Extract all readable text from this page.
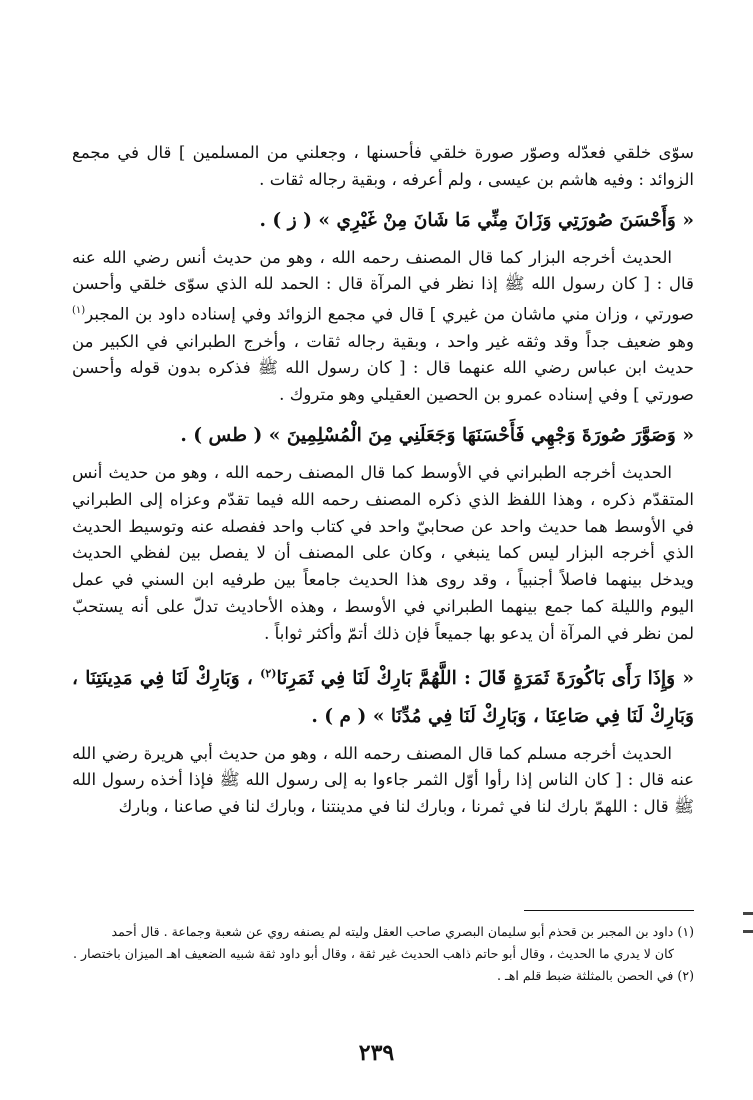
سوّى خلقي فعدّله وصوّر صورة خلقي فأحسنها ، وجعلني من المسلمين ] قال في مجمع الزوائد : وفيه هاشم بن عيسى ، ولم أعرفه ، وبقية رجاله ثقات .

« وَأَحْسَنَ صُورَتِي وَزَانَ مِنِّي مَا شَانَ مِنْ غَيْرِي » ( ز ) .

الحديث أخرجه البزار كما قال المصنف رحمه الله ، وهو من حديث أنس رضي الله عنه قال : [ كان رسول الله ﷺ إذا نظر في المرآة قال : الحمد لله الذي سوّى خلقي وأحسن صورتي ، وزان مني ماشان من غيري ] قال في مجمع الزوائد وفي إسناده داود بن المجبر$^{(١)}$ وهو ضعيف جداً وقد وثقه غير واحد ، وبقية رجاله ثقات ، وأخرج الطبراني في الكبير من حديث ابن عباس رضي الله عنهما قال : [ كان رسول الله ﷺ فذكره بدون قوله وأحسن صورتي ] وفي إسناده عمرو بن الحصين العقيلي وهو متروك .

« وَصَوَّرَ صُورَةَ وَجْهِي فَأَحْسَنَهَا وَجَعَلَنِي مِنَ الْمُسْلِمِينَ » ( طس ) .

الحديث أخرجه الطبراني في الأوسط كما قال المصنف رحمه الله ، وهو من حديث أنس المتقدّم ذكره ، وهذا اللفظ الذي ذكره المصنف رحمه الله فيما تقدّم وعزاه إلى الطبراني في الأوسط هما حديث واحد عن صحابيّ واحد في كتاب واحد ففصله عنه وتوسيط الحديث الذي أخرجه البزار ليس كما ينبغي ، وكان على المصنف أن لا يفصل بين لفظي الحديث ويدخل بينهما فاصلاً أجنبياً ، وقد روى هذا الحديث جامعاً بين طرفيه ابن السني في عمل اليوم والليلة كما جمع بينهما الطبراني في الأوسط ، وهذه الأحاديث تدلّ على أنه يستحبّ لمن نظر في المرآة أن يدعو بها جميعاً فإن ذلك أتمّ وأكثر ثواباً .

« وَإِذَا رَأَى بَاكُورَةَ ثَمَرَةٍ قَالَ : اللَّهُمَّ بَارِكْ لَنَا فِي ثَمَرِنَا$^{(٢)}$ ، وَبَارِكْ لَنَا فِي مَدِينَتِنَا ، وَبَارِكْ لَنَا فِي صَاعِنَا ، وَبَارِكْ لَنَا فِي مُدِّنَا » ( م ) .

الحديث أخرجه مسلم كما قال المصنف رحمه الله ، وهو من حديث أبي هريرة رضي الله عنه قال : [ كان الناس إذا رأوا أوّل الثمر جاءوا به إلى رسول الله ﷺ فإذا أخذه رسول الله ﷺ قال : اللهمّ بارك لنا في ثمرنا ، وبارك لنا في مدينتنا ، وبارك لنا في صاعنا ، وبارك

(١) داود بن المجبر بن قحذم أبو سليمان البصري صاحب العقل وليته لم يصنفه روي عن شعبة وجماعة . قال أحمد

كان لا يدري ما الحديث ، وقال أبو حاتم ذاهب الحديث غير ثقة ، وقال أبو داود ثقة شبيه الضعيف اهـ الميزان باختصار .

(٢) في الحصن بالمثلثة ضبط قلم اهـ .

٢٣٩
